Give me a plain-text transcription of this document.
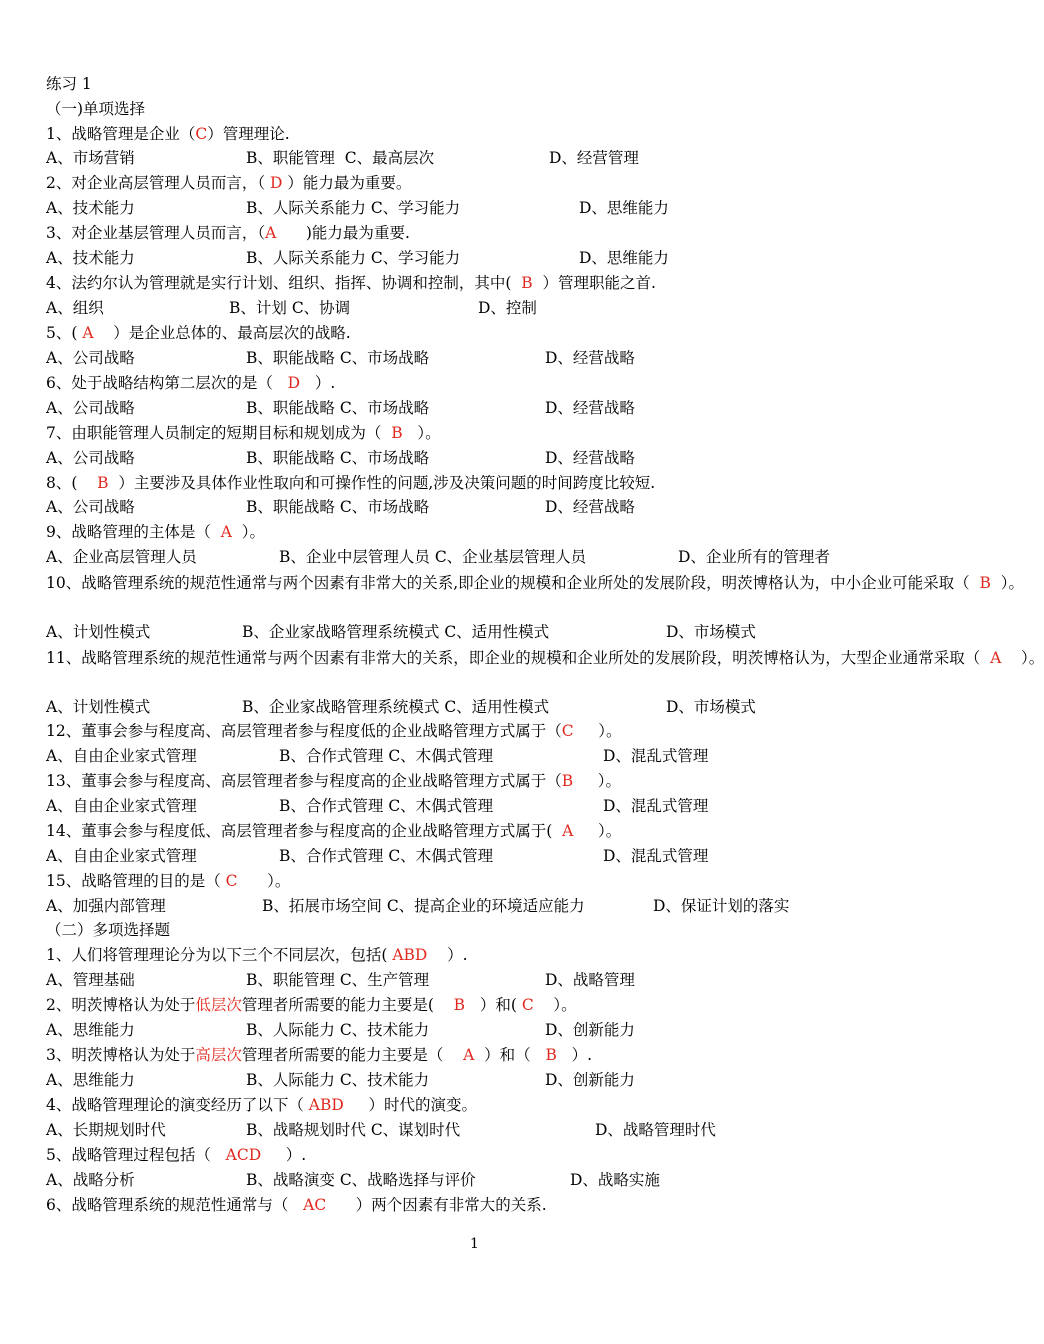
练习 1
（一)单项选择
1、战略管理是企业（C）管理理论.
A、市场营销	B、职能管理  C、最高层次	D、经营管理
2、对企业高层管理人员而言，（ D ）能力最为重要。
A、技术能力	B、人际关系能力 C、学习能力	D、思维能力
3、对企业基层管理人员而言，（A      )能力最为重要.
A、技术能力	B、人际关系能力 C、学习能力	D、思维能力
4、法约尔认为管理就是实行计划、组织、指挥、协调和控制，其中(  B  ）管理职能之首.
A、组织	B、计划 C、协调	D、控制
5、( A    ）是企业总体的、最高层次的战略.
A、公司战略	B、职能战略 C、市场战略	D、经营战略
6、处于战略结构第二层次的是（   D   ）.
A、公司战略	B、职能战略 C、市场战略	D、经营战略
7、由职能管理人员制定的短期目标和规划成为（  B   ）。
A、公司战略	B、职能战略 C、市场战略	D、经营战略
8、(    B  ）主要涉及具体作业性取向和可操作性的问题,涉及决策问题的时间跨度比较短.
A、公司战略	B、职能战略 C、市场战略	D、经营战略
9、战略管理的主体是（  A  ）。
A、企业高层管理人员	B、企业中层管理人员 C、企业基层管理人员	D、企业所有的管理者
10、战略管理系统的规范性通常与两个因素有非常大的关系,即企业的规模和企业所处的发展阶段，明茨博格认为，中小企业可能采取（  B  ）。
A、计划性模式	B、企业家战略管理系统模式 C、适用性模式	D、市场模式
11、战略管理系统的规范性通常与两个因素有非常大的关系，即企业的规模和企业所处的发展阶段，明茨博格认为，大型企业通常采取（  A    ）。
A、计划性模式	B、企业家战略管理系统模式 C、适用性模式	D、市场模式
12、董事会参与程度高、高层管理者参与程度低的企业战略管理方式属于（C     ）。
A、自由企业家式管理	B、合作式管理 C、木偶式管理	D、混乱式管理
13、董事会参与程度高、高层管理者参与程度高的企业战略管理方式属于（B     ）。
A、自由企业家式管理	B、合作式管理 C、木偶式管理	D、混乱式管理
14、董事会参与程度低、高层管理者参与程度高的企业战略管理方式属于(  A     ）。
A、自由企业家式管理	B、合作式管理 C、木偶式管理	D、混乱式管理
15、战略管理的目的是（ C      ）。
A、加强内部管理	B、拓展市场空间 C、提高企业的环境适应能力	D、保证计划的落实
（二）多项选择题
1、人们将管理理论分为以下三个不同层次，包括( ABD    ）.
A、管理基础	B、职能管理 C、生产管理	D、战略管理
2、明茨博格认为处于低层次管理者所需要的能力主要是(    B   ）和( C    ）。
A、思维能力	B、人际能力 C、技术能力	D、创新能力
3、明茨博格认为处于高层次管理者所需要的能力主要是（    A  ）和（   B   ）.
A、思维能力	B、人际能力 C、技术能力	D、创新能力
4、战略管理理论的演变经历了以下（ ABD     ）时代的演变。
A、长期规划时代	B、战略规划时代 C、谋划时代	D、战略管理时代
5、战略管理过程包括（   ACD     ）.
A、战略分析	B、战略演变 C、战略选择与评价	D、战略实施
6、战略管理系统的规范性通常与（   AC      ）两个因素有非常大的关系.
1
